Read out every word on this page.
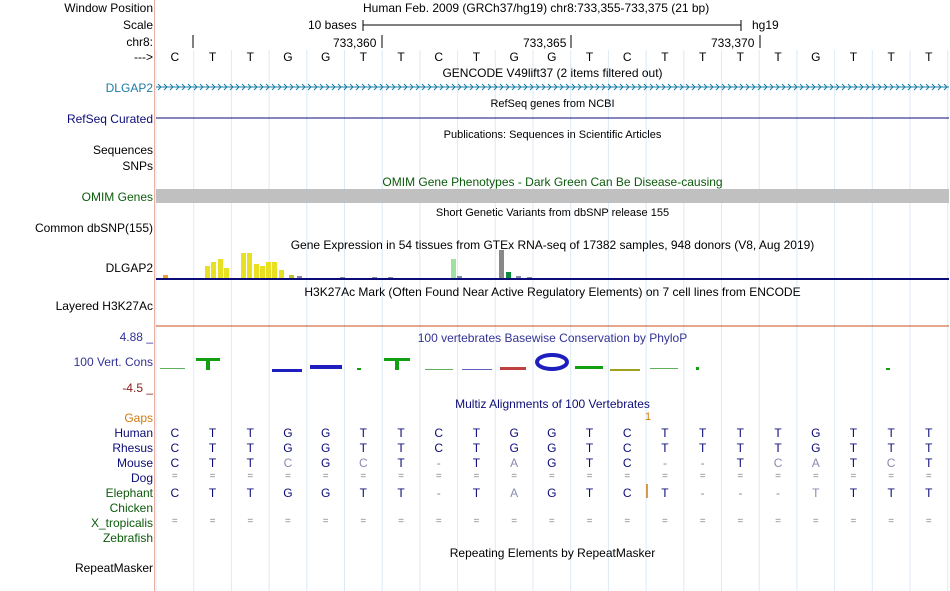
Window Position
Scale
chr8:
--->
Human Feb. 2009 (GRCh37/hg19) chr8:733,355-733,375 (21 bp)
10 bases	hg19
733,360	733,365	733,370
C	T	T	G	G	T	T	C	T	G	G	T	C	T	T	T	T	G	T	T	T
GENCODE V49lift37 (2 items filtered out)
RefSeq genes from NCBI
Publications: Sequences in Scientific Articles
OMIM Gene Phenotypes - Dark Green Can Be Disease-causing
Short Genetic Variants from dbSNP release 155
Gene Expression in 54 tissues from GTEx RNA-seq of 17382 samples, 948 donors (V8, Aug 2019)
H3K27Ac Mark (Often Found Near Active Regulatory Elements) on 7 cell lines from ENCODE
100 vertebrates Basewise Conservation by PhyloP
Multiz Alignments of 100 Vertebrates
Repeating Elements by RepeatMasker
DLGAP2
RefSeq Curated
Sequences
SNPs
OMIM Genes
Common dbSNP(155)
DLGAP2
Layered H3K27Ac
4.88 _
100 Vert. Cons
-4.5 _
Gaps	1
Human	C	T	T	G	G	T	T	C	T	G	G	T	C	T	T	T	T	G	T	T	T
Rhesus	C	T	T	G	G	T	T	C	T	G	G	T	C	T	T	T	T	G	T	T	T
Mouse	C	T	T	C	G	C	T	-	T	A	G	T	C	-	-	T	C	A	T	C	T
Dog	=	=	=	=	=	=	=	=	=	=	=	=	=	=	=	=	=	=	=	=	=
Elephant	C	T	T	G	G	T	T	-	T	A	G	T	C	T	-	-	-	T	T	T	T
Chicken
X_tropicalis	=	=	=	=	=	=	=	=	=	=	=	=	=	=	=	=	=	=	=	=	=
Zebrafish
RepeatMasker
